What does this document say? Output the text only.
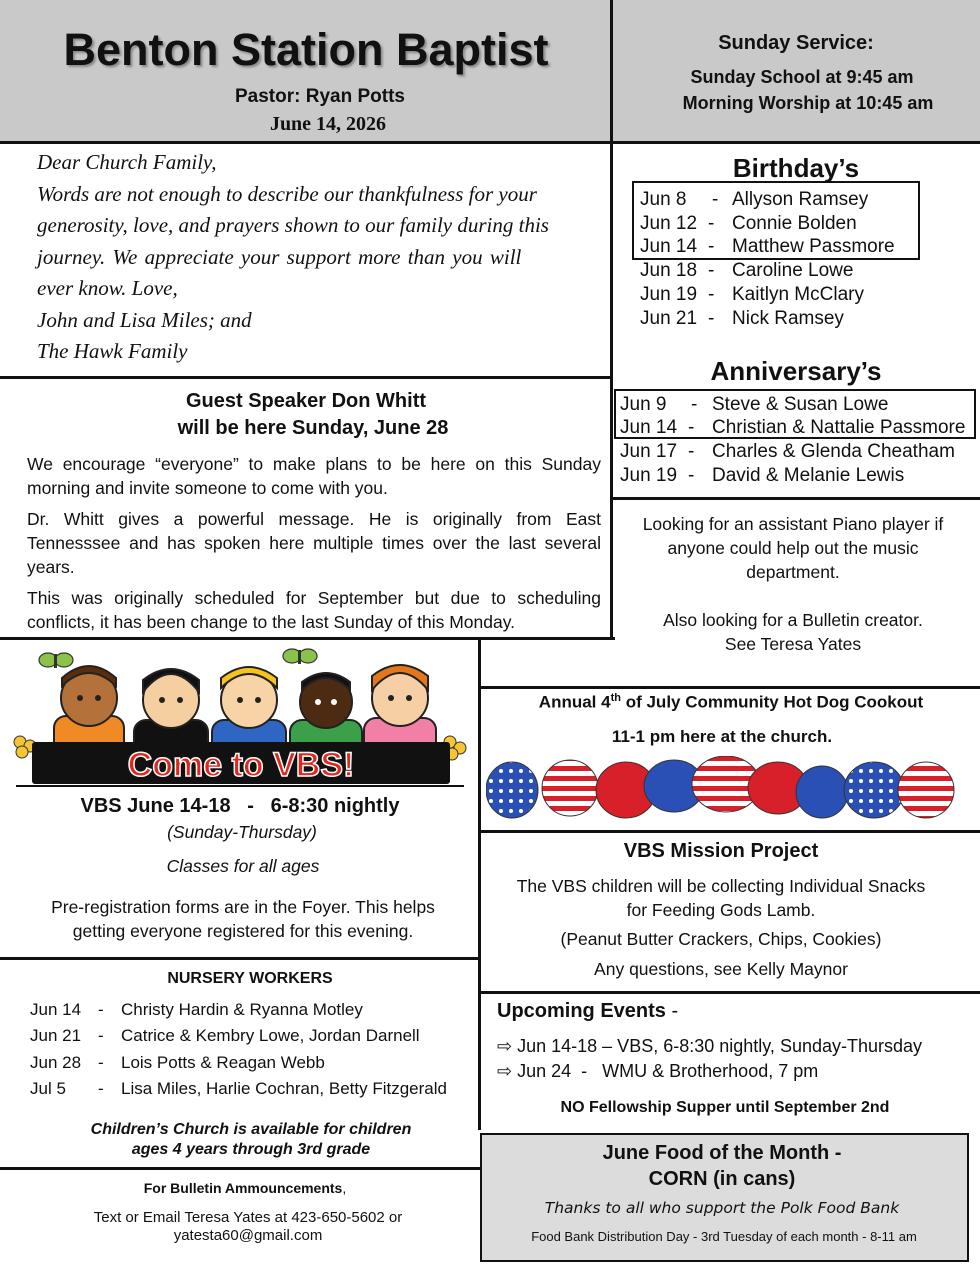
Benton Station Baptist
Pastor: Ryan Potts
June 14, 2026
Sunday Service:
Sunday School at 9:45 am
Morning Worship at 10:45 am

Dear Church Family,

Words are not enough to describe our thankfulness for your

generosity, love, and prayers shown to our family during this

journey. We appreciate your support more than you will

ever know. Love,

John and Lisa Miles; and

The Hawk Family

Birthday’s
Jun 8 - Allyson Ramsey
Jun 12 - Connie Bolden
Jun 14 - Matthew Passmore
Jun 18 - Caroline Lowe
Jun 19 - Kaitlyn McClary
Jun 21 - Nick Ramsey
Anniversary’s
Jun 9 - Steve & Susan Lowe
Jun 14 - Christian & Nattalie Passmore
Jun 17 - Charles & Glenda Cheatham
Jun 19 - David & Melanie Lewis
Guest Speaker Don Whitt
will be here Sunday, June 28
We encourage “everyone” to make plans to be here on this Sunday morning and invite someone to come with you.
Dr. Whitt gives a powerful message. He is originally from East Tennesssee and has spoken here multiple times over the last several years.
This was originally scheduled for September but due to scheduling conflicts, it has been change to the last Sunday of this Monday.
Looking for an assistant Piano player if
anyone could help out the music
department.
Also looking for a Bulletin creator.
See Teresa Yates
Come to VBS!
VBS June 14-18   -   6-8:30 nightly
(Sunday-Thursday)
Classes for all ages
Pre-registration forms are in the Foyer. This helps
getting everyone registered for this evening.
Annual 4th of July Community Hot Dog Cookout
11-1 pm here at the church.
VBS Mission Project
The VBS children will be collecting Individual Snacks
for Feeding Gods Lamb.
(Peanut Butter Crackers, Chips, Cookies)
Any questions, see Kelly Maynor
NURSERY WORKERS
Jun 14 - Christy Hardin & Ryanna Motley
Jun 21 - Catrice & Kembry Lowe, Jordan Darnell
Jun 28 - Lois Potts & Reagan Webb
Jul 5 - Lisa Miles, Harlie Cochran, Betty Fitzgerald
Children’s Church is available for children
ages 4 years through 3rd grade
Upcoming Events -
⇨ Jun 14-18 – VBS, 6-8:30 nightly, Sunday-Thursday
⇨ Jun 24  -   WMU & Brotherhood, 7 pm
NO Fellowship Supper until September 2nd
For Bulletin Ammouncements,
Text or Email Teresa Yates at 423-650-5602 or
yatesta60@gmail.com
June Food of the Month -
CORN (in cans)
Thanks to all who support the Polk Food Bank
Food Bank Distribution Day - 3rd Tuesday of each month - 8-11 am
